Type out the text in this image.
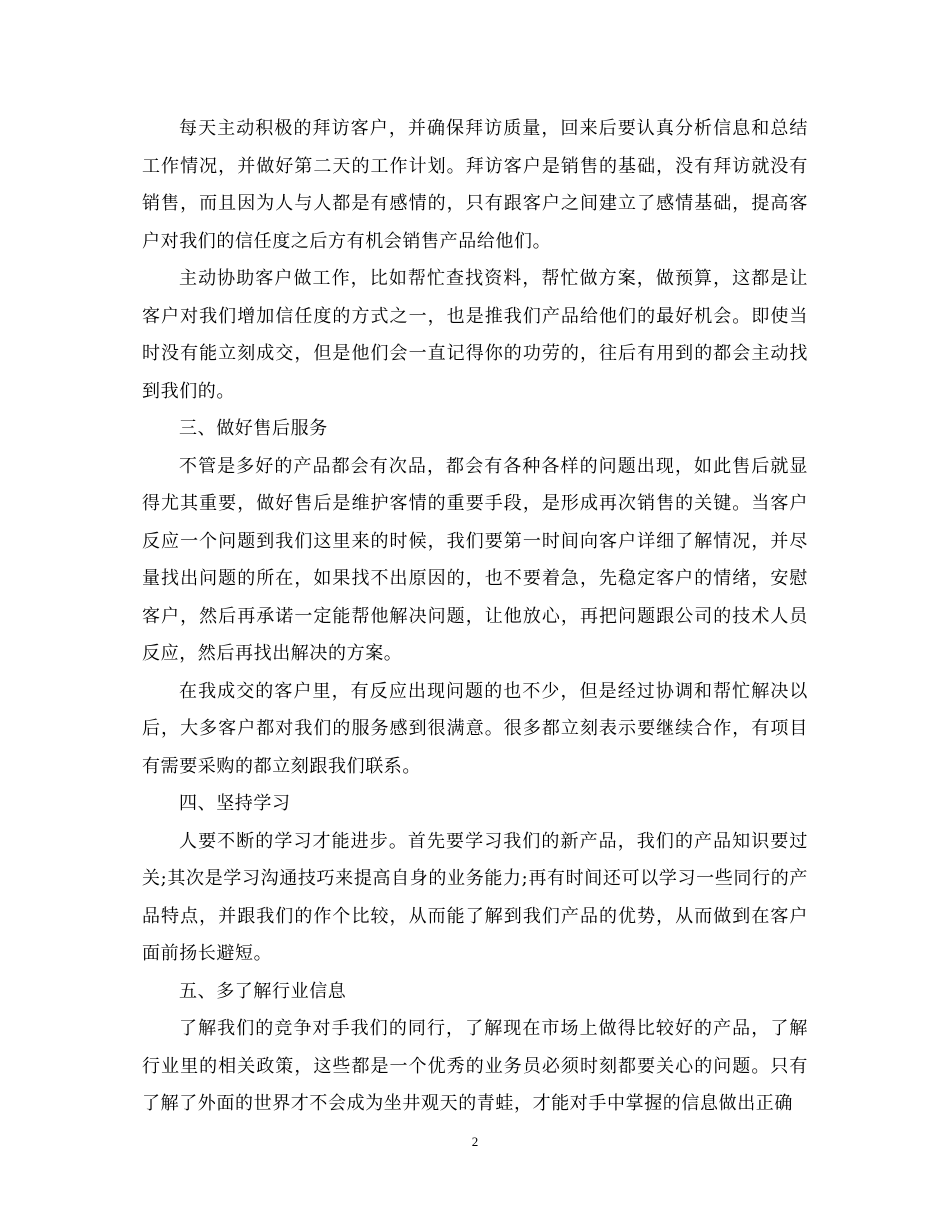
每天主动积极的拜访客户，并确保拜访质量，回来后要认真分析信息和总结工作情况，并做好第二天的工作计划。拜访客户是销售的基础，没有拜访就没有销售，而且因为人与人都是有感情的，只有跟客户之间建立了感情基础，提高客户对我们的信任度之后方有机会销售产品给他们。

主动协助客户做工作，比如帮忙查找资料，帮忙做方案，做预算，这都是让客户对我们增加信任度的方式之一，也是推我们产品给他们的最好机会。即使当时没有能立刻成交，但是他们会一直记得你的功劳的，往后有用到的都会主动找到我们的。

三、做好售后服务

不管是多好的产品都会有次品，都会有各种各样的问题出现，如此售后就显得尤其重要，做好售后是维护客情的重要手段，是形成再次销售的关键。当客户反应一个问题到我们这里来的时候，我们要第一时间向客户详细了解情况，并尽量找出问题的所在，如果找不出原因的，也不要着急，先稳定客户的情绪，安慰客户，然后再承诺一定能帮他解决问题，让他放心，再把问题跟公司的技术人员反应，然后再找出解决的方案。

在我成交的客户里，有反应出现问题的也不少，但是经过协调和帮忙解决以后，大多客户都对我们的服务感到很满意。很多都立刻表示要继续合作，有项目有需要采购的都立刻跟我们联系。

四、坚持学习

人要不断的学习才能进步。首先要学习我们的新产品，我们的产品知识要过关;其次是学习沟通技巧来提高自身的业务能力;再有时间还可以学习一些同行的产品特点，并跟我们的作个比较，从而能了解到我们产品的优势，从而做到在客户面前扬长避短。

五、多了解行业信息

了解我们的竞争对手我们的同行，了解现在市场上做得比较好的产品，了解行业里的相关政策，这些都是一个优秀的业务员必须时刻都要关心的问题。只有了解了外面的世界才不会成为坐井观天的青蛙，才能对手中掌握的信息做出正确

2
